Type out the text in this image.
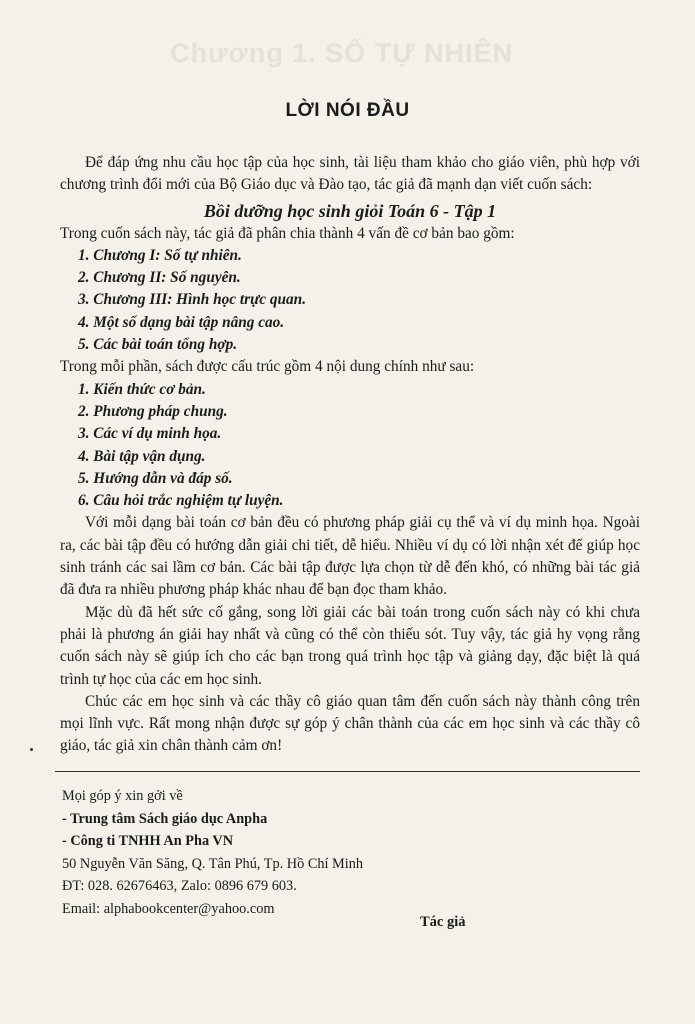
Chương 1. SỐ TỰ NHIÊN
LỜI NÓI ĐẦU

Để đáp ứng nhu cầu học tập của học sinh, tài liệu tham khảo cho giáo viên, phù hợp với chương trình đổi mới của Bộ Giáo dục và Đào tạo, tác giả đã mạnh dạn viết cuốn sách:

Bồi dưỡng học sinh giỏi Toán 6 - Tập 1

Trong cuốn sách này, tác giả đã phân chia thành 4 vấn đề cơ bản bao gồm:

1. Chương I: Số tự nhiên.
2. Chương II: Số nguyên.
3. Chương III: Hình học trực quan.
4. Một số dạng bài tập nâng cao.
5. Các bài toán tổng hợp.

Trong mỗi phần, sách được cấu trúc gồm 4 nội dung chính như sau:

1. Kiến thức cơ bản.
2. Phương pháp chung.
3. Các ví dụ minh họa.
4. Bài tập vận dụng.
5. Hướng dẫn và đáp số.
6. Câu hỏi trắc nghiệm tự luyện.

Với mỗi dạng bài toán cơ bản đều có phương pháp giải cụ thể và ví dụ minh họa. Ngoài ra, các bài tập đều có hướng dẫn giải chi tiết, dễ hiểu. Nhiều ví dụ có lời nhận xét để giúp học sinh tránh các sai lầm cơ bản. Các bài tập được lựa chọn từ dễ đến khó, có những bài tác giả đã đưa ra nhiều phương pháp khác nhau để bạn đọc tham khảo.

Mặc dù đã hết sức cố gắng, song lời giải các bài toán trong cuốn sách này có khi chưa phải là phương án giải hay nhất và cũng có thể còn thiếu sót. Tuy vậy, tác giả hy vọng rằng cuốn sách này sẽ giúp ích cho các bạn trong quá trình học tập và giảng dạy, đặc biệt là quá trình tự học của các em học sinh.

Chúc các em học sinh và các thầy cô giáo quan tâm đến cuốn sách này thành công trên mọi lĩnh vực. Rất mong nhận được sự góp ý chân thành của các em học sinh và các thầy cô giáo, tác giả xin chân thành cảm ơn!

Mọi góp ý xin gởi về
- Trung tâm Sách giáo dục Anpha
- Công ti TNHH An Pha VN
50 Nguyễn Văn Săng, Q. Tân Phú, Tp. Hồ Chí Minh
ĐT: 028. 62676463, Zalo: 0896 679 603.
Email: alphabookcenter@yahoo.com
Tác giả
